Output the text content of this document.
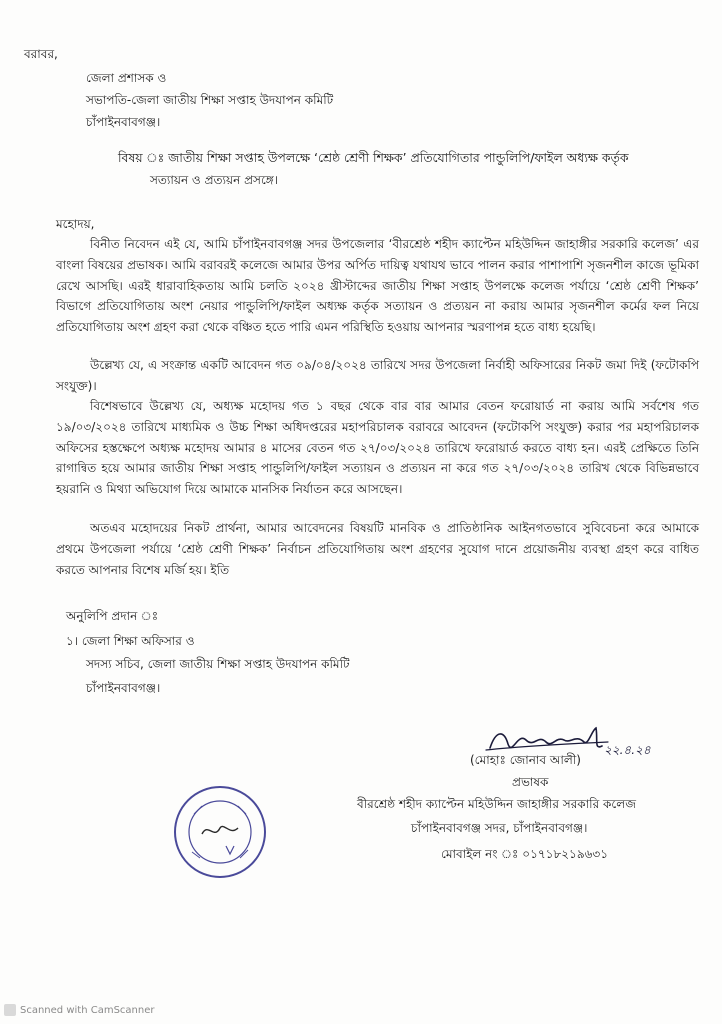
বরাবর,
জেলা প্রশাসক ও
সভাপতি-জেলা জাতীয় শিক্ষা সপ্তাহ উদযাপন কমিটি
চাঁপাইনবাবগঞ্জ।
বিষয় ঃ জাতীয় শিক্ষা সপ্তাহ উপলক্ষে ‘শ্রেষ্ঠ শ্রেণী শিক্ষক’ প্রতিযোগিতার পান্ডুলিপি/ফাইল অধ্যক্ষ কর্তৃক
সত্যায়ন ও প্রত্যয়ন প্রসঙ্গে।
মহোদয়,
বিনীত নিবেদন এই যে, আমি চাঁপাইনবাবগঞ্জ সদর উপজেলার ‘বীরশ্রেষ্ঠ শহীদ ক্যাপ্টেন মহিউদ্দিন জাহাঙ্গীর সরকারি কলেজ’ এর বাংলা বিষয়ের প্রভাষক। আমি বরাবরই কলেজে আমার উপর অর্পিত দায়িত্ব যথাযথ ভাবে পালন করার পাশাপাশি সৃজনশীল কাজে ভূমিকা রেখে আসছি। এরই ধারাবাহিকতায় আমি চলতি ২০২৪ খ্রীস্টাব্দের জাতীয় শিক্ষা সপ্তাহ উপলক্ষে কলেজ পর্যায়ে ‘শ্রেষ্ঠ শ্রেণী শিক্ষক’ বিভাগে প্রতিযোগিতায় অংশ নেয়ার পান্ডুলিপি/ফাইল অধ্যক্ষ কর্তৃক সত্যায়ন ও প্রত্যয়ন না করায় আমার সৃজনশীল কর্মের ফল নিয়ে প্রতিযোগিতায় অংশ গ্রহণ করা থেকে বঞ্চিত হতে পারি এমন পরিস্থিতি হওয়ায় আপনার স্মরণাপন্ন হতে বাধ্য হয়েছি।
উল্লেখ্য যে, এ সংক্রান্ত একটি আবেদন গত ০৯/০৪/২০২৪ তারিখে সদর উপজেলা নির্বাহী অফিসারের নিকট জমা দিই (ফটোকপি সংযুক্ত)।
বিশেষভাবে উল্লেখ্য যে, অধ্যক্ষ মহোদয় গত ১ বছর থেকে বার বার আমার বেতন ফরোয়ার্ড না করায় আমি সর্বশেষ গত ১৯/০৩/২০২৪ তারিখে মাধ্যমিক ও উচ্চ শিক্ষা অধিদপ্তরের মহাপরিচালক বরাবরে আবেদন (ফটোকপি সংযুক্ত) করার পর মহাপরিচালক অফিসের হস্তক্ষেপে অধ্যক্ষ মহোদয় আমার ৪ মাসের বেতন গত ২৭/০৩/২০২৪ তারিখে ফরোয়ার্ড করতে বাধ্য হন। এরই প্রেক্ষিতে তিনি রাগান্বিত হয়ে আমার জাতীয় শিক্ষা সপ্তাহ পান্ডুলিপি/ফাইল সত্যায়ন ও প্রত্যয়ন না করে গত ২৭/০৩/২০২৪ তারিখ থেকে বিভিন্নভাবে হয়রানি ও মিথ্যা অভিযোগ দিয়ে আমাকে মানসিক নির্যাতন করে আসছেন।
অতএব মহোদয়ের নিকট প্রার্থনা, আমার আবেদনের বিষয়টি মানবিক ও প্রাতিষ্ঠানিক আইনগতভাবে সুবিবেচনা করে আমাকে প্রথমে উপজেলা পর্যায়ে ‘শ্রেষ্ঠ শ্রেণী শিক্ষক’ নির্বাচন প্রতিযোগিতায় অংশ গ্রহণের সুযোগ দানে প্রয়োজনীয় ব্যবস্থা গ্রহণ করে বাধিত করতে আপনার বিশেষ মর্জি হয়। ইতি
অনুলিপি প্রদান ঃ
১। জেলা শিক্ষা অফিসার ও
সদস্য সচিব, জেলা জাতীয় শিক্ষা সপ্তাহ উদযাপন কমিটি
চাঁপাইনবাবগঞ্জ।
২২.৪.২৪
(মোহাঃ জোনাব আলী)
প্রভাষক
বীরশ্রেষ্ঠ শহীদ ক্যাপ্টেন মহিউদ্দিন জাহাঙ্গীর সরকারি কলেজ
চাঁপাইনবাবগঞ্জ সদর, চাঁপাইনবাবগঞ্জ।
মোবাইল নং ঃ ০১৭১৮২১৯৬৩১
Scanned with CamScanner
